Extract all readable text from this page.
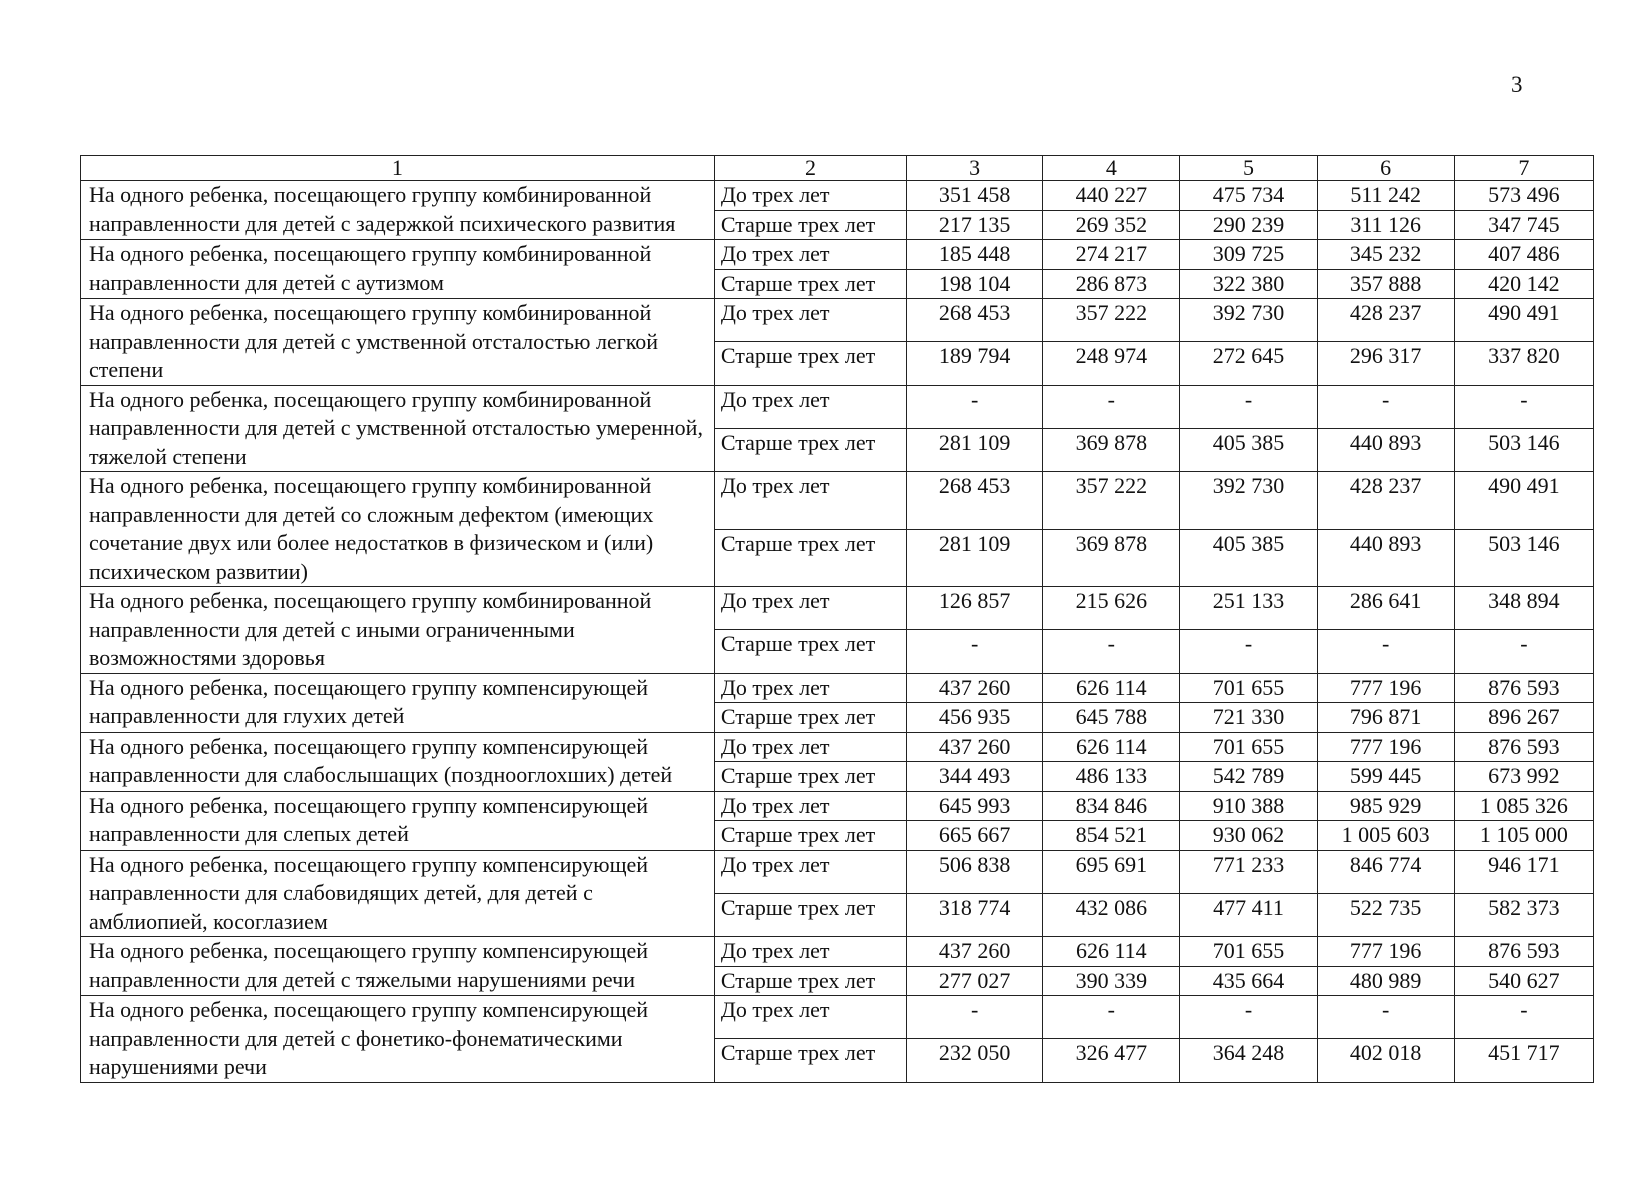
3
1	2	3	4	5	6	7
На одного ребенка, посещающего группу комбинированной направленности для детей с задержкой психического развития	До трех лет	351 458	440 227	475 734	511 242	573 496
	Старше трех лет	217 135	269 352	290 239	311 126	347 745
На одного ребенка, посещающего группу комбинированной направленности для детей с аутизмом	До трех лет	185 448	274 217	309 725	345 232	407 486
	Старше трех лет	198 104	286 873	322 380	357 888	420 142
На одного ребенка, посещающего группу комбинированной направленности для детей с умственной отсталостью легкой степени	До трех лет	268 453	357 222	392 730	428 237	490 491
	Старше трех лет	189 794	248 974	272 645	296 317	337 820
На одного ребенка, посещающего группу комбинированной направленности для детей с умственной отсталостью умеренной, тяжелой степени	До трех лет	-	-	-	-	-
	Старше трех лет	281 109	369 878	405 385	440 893	503 146
На одного ребенка, посещающего группу комбинированной направленности для детей со сложным дефектом (имеющих сочетание двух или более недостатков в физическом и (или) психическом развитии)	До трех лет	268 453	357 222	392 730	428 237	490 491
	Старше трех лет	281 109	369 878	405 385	440 893	503 146
На одного ребенка, посещающего группу комбинированной направленности для детей с иными ограниченными возможностями здоровья	До трех лет	126 857	215 626	251 133	286 641	348 894
	Старше трех лет	-	-	-	-	-
На одного ребенка, посещающего группу компенсирующей направленности для глухих детей	До трех лет	437 260	626 114	701 655	777 196	876 593
	Старше трех лет	456 935	645 788	721 330	796 871	896 267
На одного ребенка, посещающего группу компенсирующей направленности для слабослышащих (позднооглохших) детей	До трех лет	437 260	626 114	701 655	777 196	876 593
	Старше трех лет	344 493	486 133	542 789	599 445	673 992
На одного ребенка, посещающего группу компенсирующей направленности для слепых детей	До трех лет	645 993	834 846	910 388	985 929	1 085 326
	Старше трех лет	665 667	854 521	930 062	1 005 603	1 105 000
На одного ребенка, посещающего группу компенсирующей направленности для слабовидящих детей, для детей с амблиопией, косоглазием	До трех лет	506 838	695 691	771 233	846 774	946 171
	Старше трех лет	318 774	432 086	477 411	522 735	582 373
На одного ребенка, посещающего группу компенсирующей направленности для детей с тяжелыми нарушениями речи	До трех лет	437 260	626 114	701 655	777 196	876 593
	Старше трех лет	277 027	390 339	435 664	480 989	540 627
На одного ребенка, посещающего группу компенсирующей направленности для детей с фонетико-фонематическими нарушениями речи	До трех лет	-	-	-	-	-
	Старше трех лет	232 050	326 477	364 248	402 018	451 717
